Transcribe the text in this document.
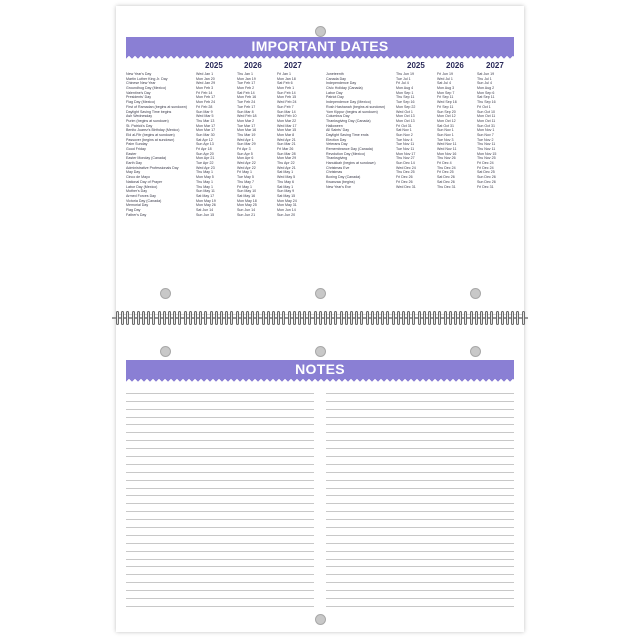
IMPORTANT DATES
2025	2026	2027	2025	2026	2027
New Year's Day	Wed Jan 1	Thu Jan 1	Fri Jan 1
Martin Luther King Jr. Day	Mon Jan 20	Mon Jan 19	Mon Jan 18
Chinese New Year	Wed Jan 29	Tue Feb 17	Sat Feb 6
Groundhog Day (Mexico)	Mon Feb 3	Mon Feb 2	Mon Feb 1
Valentine's Day	Fri Feb 14	Sat Feb 14	Sun Feb 14
Presidents' Day	Mon Feb 17	Mon Feb 16	Mon Feb 15
Flag Day (Mexico)	Mon Feb 24	Tue Feb 24	Wed Feb 24
First of Ramadan (begins at sundown)	Fri Feb 28	Tue Feb 17	Sun Feb 7
Daylight Saving Time begins	Sun Mar 9	Sun Mar 8	Sun Mar 14
Ash Wednesday	Wed Mar 5	Wed Feb 18	Wed Feb 10
Purim (begins at sundown)	Thu Mar 13	Mon Mar 2	Mon Mar 22
St. Patrick's Day	Mon Mar 17	Tue Mar 17	Wed Mar 17
Benito Juarez's Birthday (Mexico)	Mon Mar 17	Mon Mar 16	Mon Mar 15
Eid al-Fitr (begins at sundown)	Sun Mar 30	Thu Mar 19	Mon Mar 8
Passover (begins at sundown)	Sat Apr 12	Wed Apr 1	Wed Apr 21
Palm Sunday	Sun Apr 13	Sun Mar 29	Sun Mar 21
Good Friday	Fri Apr 18	Fri Apr 3	Fri Mar 26
Easter	Sun Apr 20	Sun Apr 5	Sun Mar 28
Easter Monday (Canada)	Mon Apr 21	Mon Apr 6	Mon Mar 29
Earth Day	Tue Apr 22	Wed Apr 22	Thu Apr 22
Administrative Professionals Day	Wed Apr 23	Wed Apr 22	Wed Apr 21
May Day	Thu May 1	Fri May 1	Sat May 1
Cinco de Mayo	Mon May 5	Tue May 5	Wed May 5
National Day of Prayer	Thu May 1	Thu May 7	Thu May 6
Labor Day (Mexico)	Thu May 1	Fri May 1	Sat May 1
Mother's Day	Sun May 11	Sun May 10	Sun May 9
Armed Forces Day	Sat May 17	Sat May 16	Sat May 15
Victoria Day (Canada)	Mon May 19	Mon May 18	Mon May 24
Memorial Day	Mon May 26	Mon May 25	Mon May 31
Flag Day	Sat Jun 14	Sun Jun 14	Mon Jun 14
Father's Day	Sun Jun 15	Sun Jun 21	Sun Jun 20
Juneteenth	Thu Jun 19	Fri Jun 19	Sat Jun 19
Canada Day	Tue Jul 1	Wed Jul 1	Thu Jul 1
Independence Day	Fri Jul 4	Sat Jul 4	Sun Jul 4
Civic Holiday (Canada)	Mon Aug 4	Mon Aug 3	Mon Aug 2
Labor Day	Mon Sep 1	Mon Sep 7	Mon Sep 6
Patriot Day	Thu Sep 11	Fri Sep 11	Sat Sep 11
Independence Day (Mexico)	Tue Sep 16	Wed Sep 16	Thu Sep 16
Rosh Hashanah (begins at sundown)	Mon Sep 22	Fri Sep 11	Fri Oct 1
Yom Kippur (begins at sundown)	Wed Oct 1	Sun Sep 20	Sun Oct 10
Columbus Day	Mon Oct 13	Mon Oct 12	Mon Oct 11
Thanksgiving Day (Canada)	Mon Oct 13	Mon Oct 12	Mon Oct 11
Halloween	Fri Oct 31	Sat Oct 31	Sun Oct 31
All Saints' Day	Sat Nov 1	Sun Nov 1	Mon Nov 1
Daylight Saving Time ends	Sun Nov 2	Sun Nov 1	Sun Nov 7
Election Day	Tue Nov 4	Tue Nov 3	Tue Nov 2
Veterans Day	Tue Nov 11	Wed Nov 11	Thu Nov 11
Remembrance Day (Canada)	Tue Nov 11	Wed Nov 11	Thu Nov 11
Revolution Day (Mexico)	Mon Nov 17	Mon Nov 16	Mon Nov 15
Thanksgiving	Thu Nov 27	Thu Nov 26	Thu Nov 25
Hanukkah (begins at sundown)	Sun Dec 14	Fri Dec 4	Fri Dec 24
Christmas Eve	Wed Dec 24	Thu Dec 24	Fri Dec 24
Christmas	Thu Dec 25	Fri Dec 25	Sat Dec 25
Boxing Day (Canada)	Fri Dec 26	Sat Dec 26	Sun Dec 26
Kwanzaa (begins)	Fri Dec 26	Sat Dec 26	Sun Dec 26
New Year's Eve	Wed Dec 31	Thu Dec 31	Fri Dec 31
NOTES
